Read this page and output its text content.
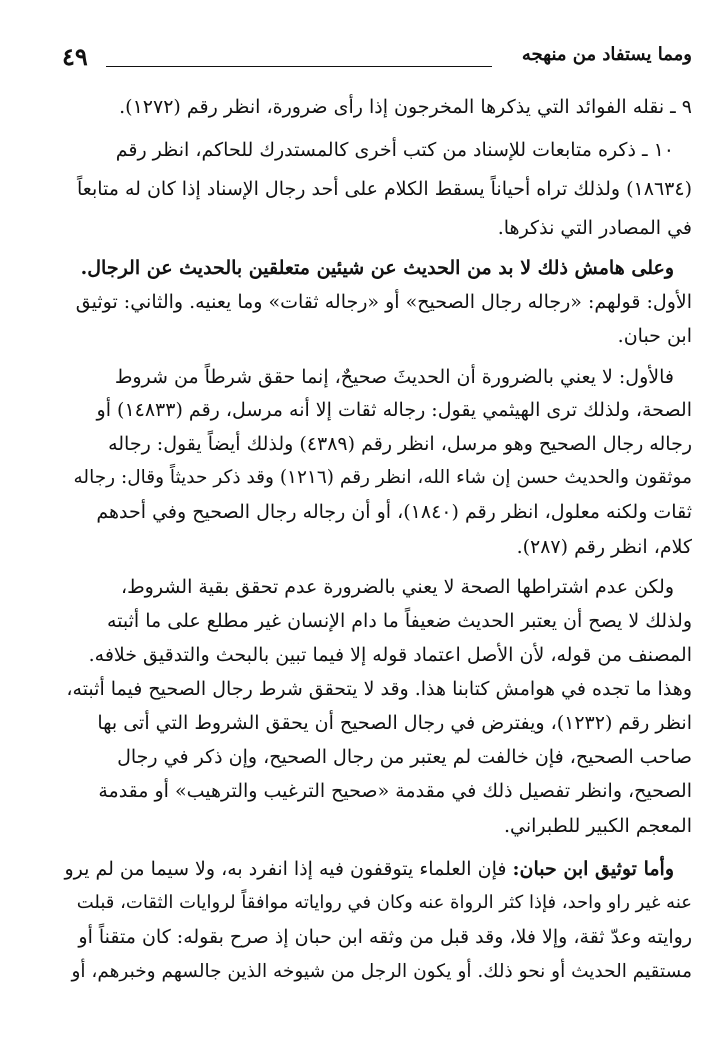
ومما يستفاد من منهجه
٤٩
٩ ـ نقله الفوائد التي يذكرها المخرجون إذا رأى ضرورة، انظر رقم (١٢٧٢).
١٠ ـ ذكره متابعات للإسناد من كتب أخرى كالمستدرك للحاكم، انظر رقم
(١٨٦٣٤) ولذلك تراه أحياناً يسقط الكلام على أحد رجال الإسناد إذا كان له متابعاً
في المصادر التي نذكرها.
وعلى هامش ذلك لا بد من الحديث عن شيئين متعلقين بالحديث عن الرجال.
الأول: قولهم: «رجاله رجال الصحيح» أو «رجاله ثقات» وما يعنيه. والثاني: توثيق
ابن حبان.
فالأول: لا يعني بالضرورة أن الحديثَ صحيحٌ، إنما حقق شرطاً من شروط
الصحة، ولذلك ترى الهيثمي يقول: رجاله ثقات إلا أنه مرسل، رقم (١٤٨٣٣) أو
رجاله رجال الصحيح وهو مرسل، انظر رقم (٤٣٨٩) ولذلك أيضاً يقول: رجاله
موثقون والحديث حسن إن شاء الله، انظر رقم (١٢١٦) وقد ذكر حديثاً وقال: رجاله
ثقات ولكنه معلول، انظر رقم (١٨٤٠)، أو أن رجاله رجال الصحيح وفي أحدهم
كلام، انظر رقم (٢٨٧).
ولكن عدم اشتراطها الصحة لا يعني بالضرورة عدم تحقق بقية الشروط،
ولذلك لا يصح أن يعتبر الحديث ضعيفاً ما دام الإنسان غير مطلع على ما أثبته
المصنف من قوله، لأن الأصل اعتماد قوله إلا فيما تبين بالبحث والتدقيق خلافه.
وهذا ما تجده في هوامش كتابنا هذا. وقد لا يتحقق شرط رجال الصحيح فيما أثبته،
انظر رقم (١٢٣٢)، ويفترض في رجال الصحيح أن يحقق الشروط التي أتى بها
صاحب الصحيح، فإن خالفت لم يعتبر من رجال الصحيح، وإن ذكر في رجال
الصحيح، وانظر تفصيل ذلك في مقدمة «صحيح الترغيب والترهيب» أو مقدمة
المعجم الكبير للطبراني.
وأما توثيق ابن حبان: فإن العلماء يتوقفون فيه إذا انفرد به، ولا سيما من لم يرو
عنه غير راو واحد، فإذا كثر الرواة عنه وكان في رواياته موافقاً لروايات الثقات، قبلت
روايته وعدّ ثقة، وإلا فلا، وقد قبل من وثقه ابن حبان إذ صرح بقوله: كان متقناً أو
مستقيم الحديث أو نحو ذلك. أو يكون الرجل من شيوخه الذين جالسهم وخبرهم، أو
